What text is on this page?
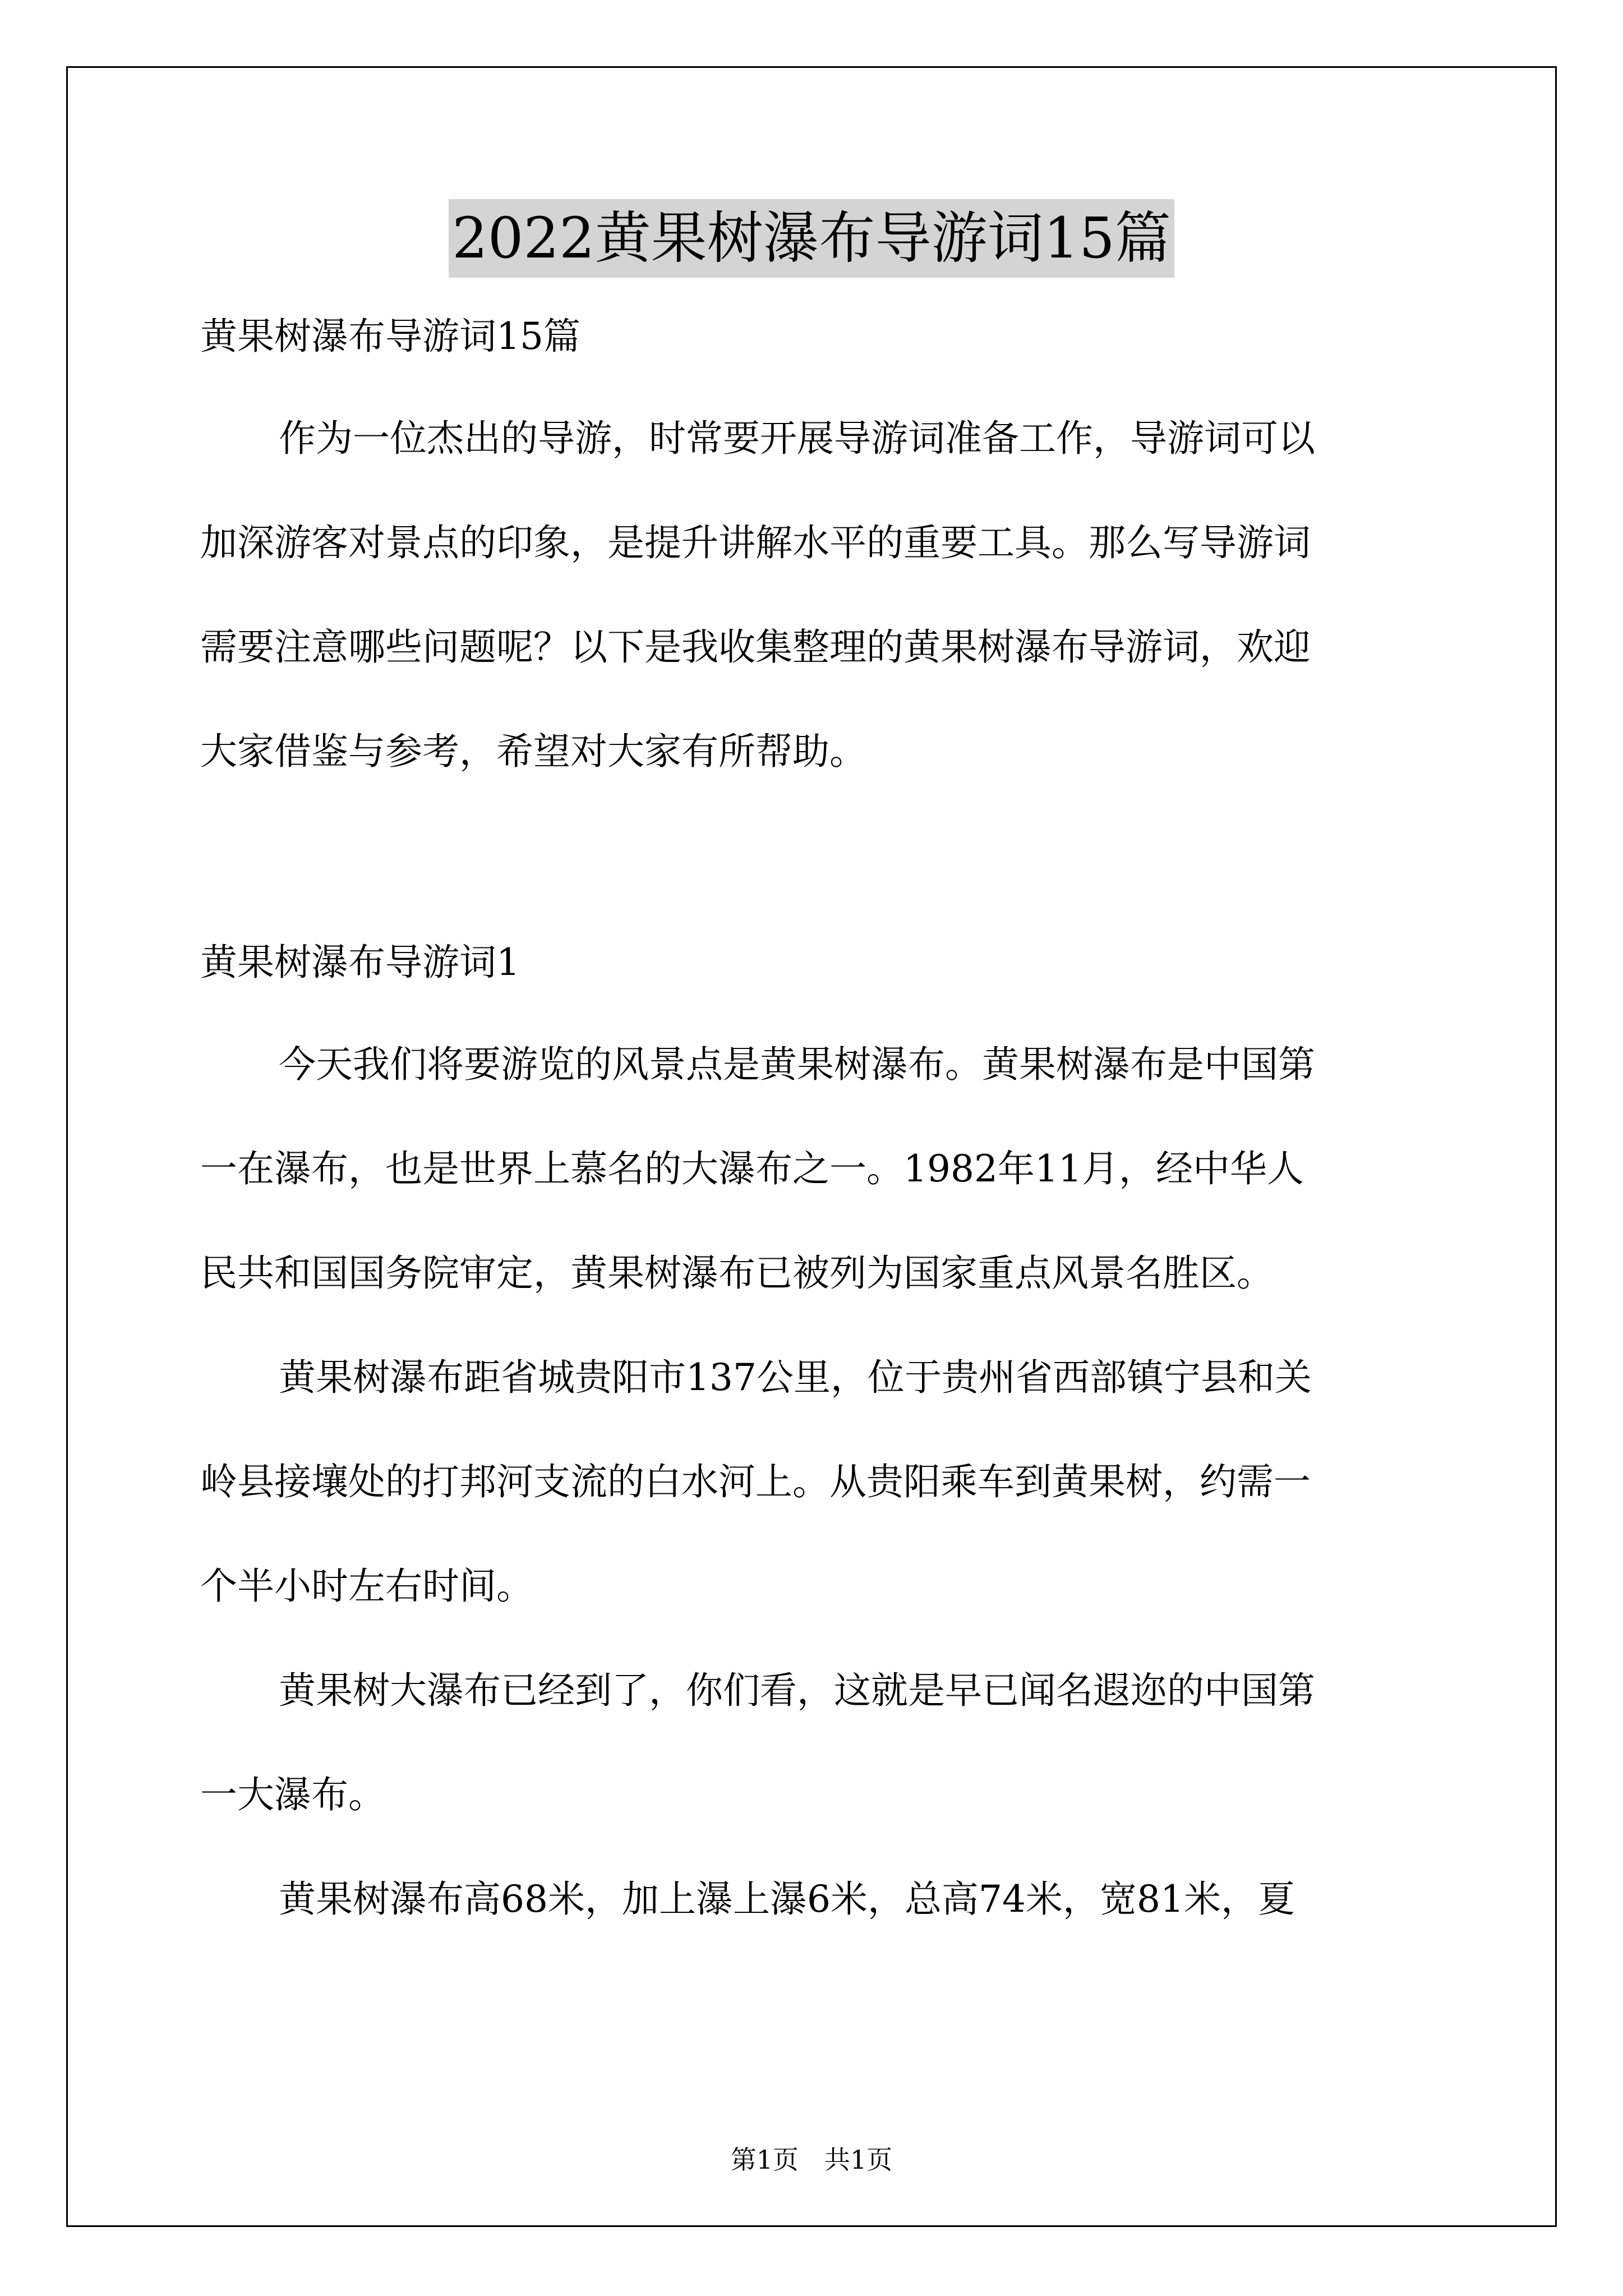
2022黄果树瀑布导游词15篇
黄果树瀑布导游词15篇
作为一位杰出的导游，时常要开展导游词准备工作，导游词可以
加深游客对景点的印象，是提升讲解水平的重要工具。那么写导游词
需要注意哪些问题呢？以下是我收集整理的黄果树瀑布导游词，欢迎
大家借鉴与参考，希望对大家有所帮助。
黄果树瀑布导游词1
今天我们将要游览的风景点是黄果树瀑布。黄果树瀑布是中国第
一在瀑布，也是世界上慕名的大瀑布之一。1982年11月，经中华人
民共和国国务院审定，黄果树瀑布已被列为国家重点风景名胜区。
黄果树瀑布距省城贵阳市137公里，位于贵州省西部镇宁县和关
岭县接壤处的打邦河支流的白水河上。从贵阳乘车到黄果树，约需一
个半小时左右时间。
黄果树大瀑布已经到了，你们看，这就是早已闻名遐迩的中国第
一大瀑布。
黄果树瀑布高68米，加上瀑上瀑6米，总高74米，宽81米，夏
第1页　共1页
